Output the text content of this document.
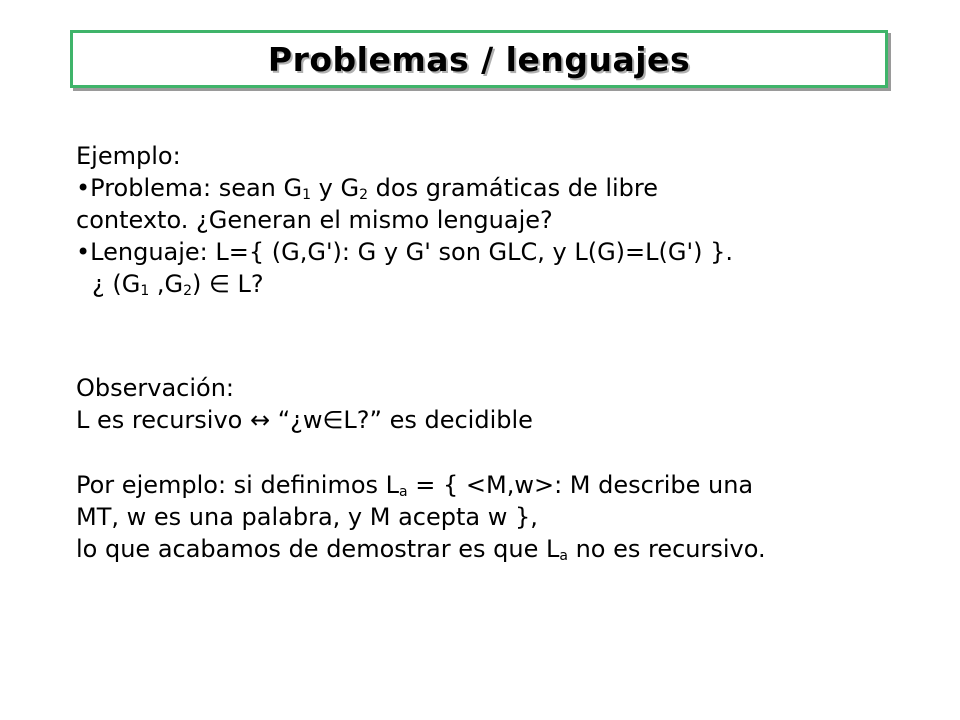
Problemas / lenguajes
Ejemplo:
•Problema: sean $G_1$ y $G_2$ dos gramáticas de libre
contexto. ¿Generan el mismo lenguaje?
•Lenguaje: L={ (G,G'): G y G' son GLC, y L(G)=L(G') }.
¿ ($G_1$ $,G_2$) ∈ L?
Observación:
L es recursivo ↔ “¿w∈L?” es decidible
Por ejemplo: si definimos $L_a$ = { <M,w>: M describe una
MT, w es una palabra, y M acepta w },
lo que acabamos de demostrar es que $L_a$ no es recursivo.
